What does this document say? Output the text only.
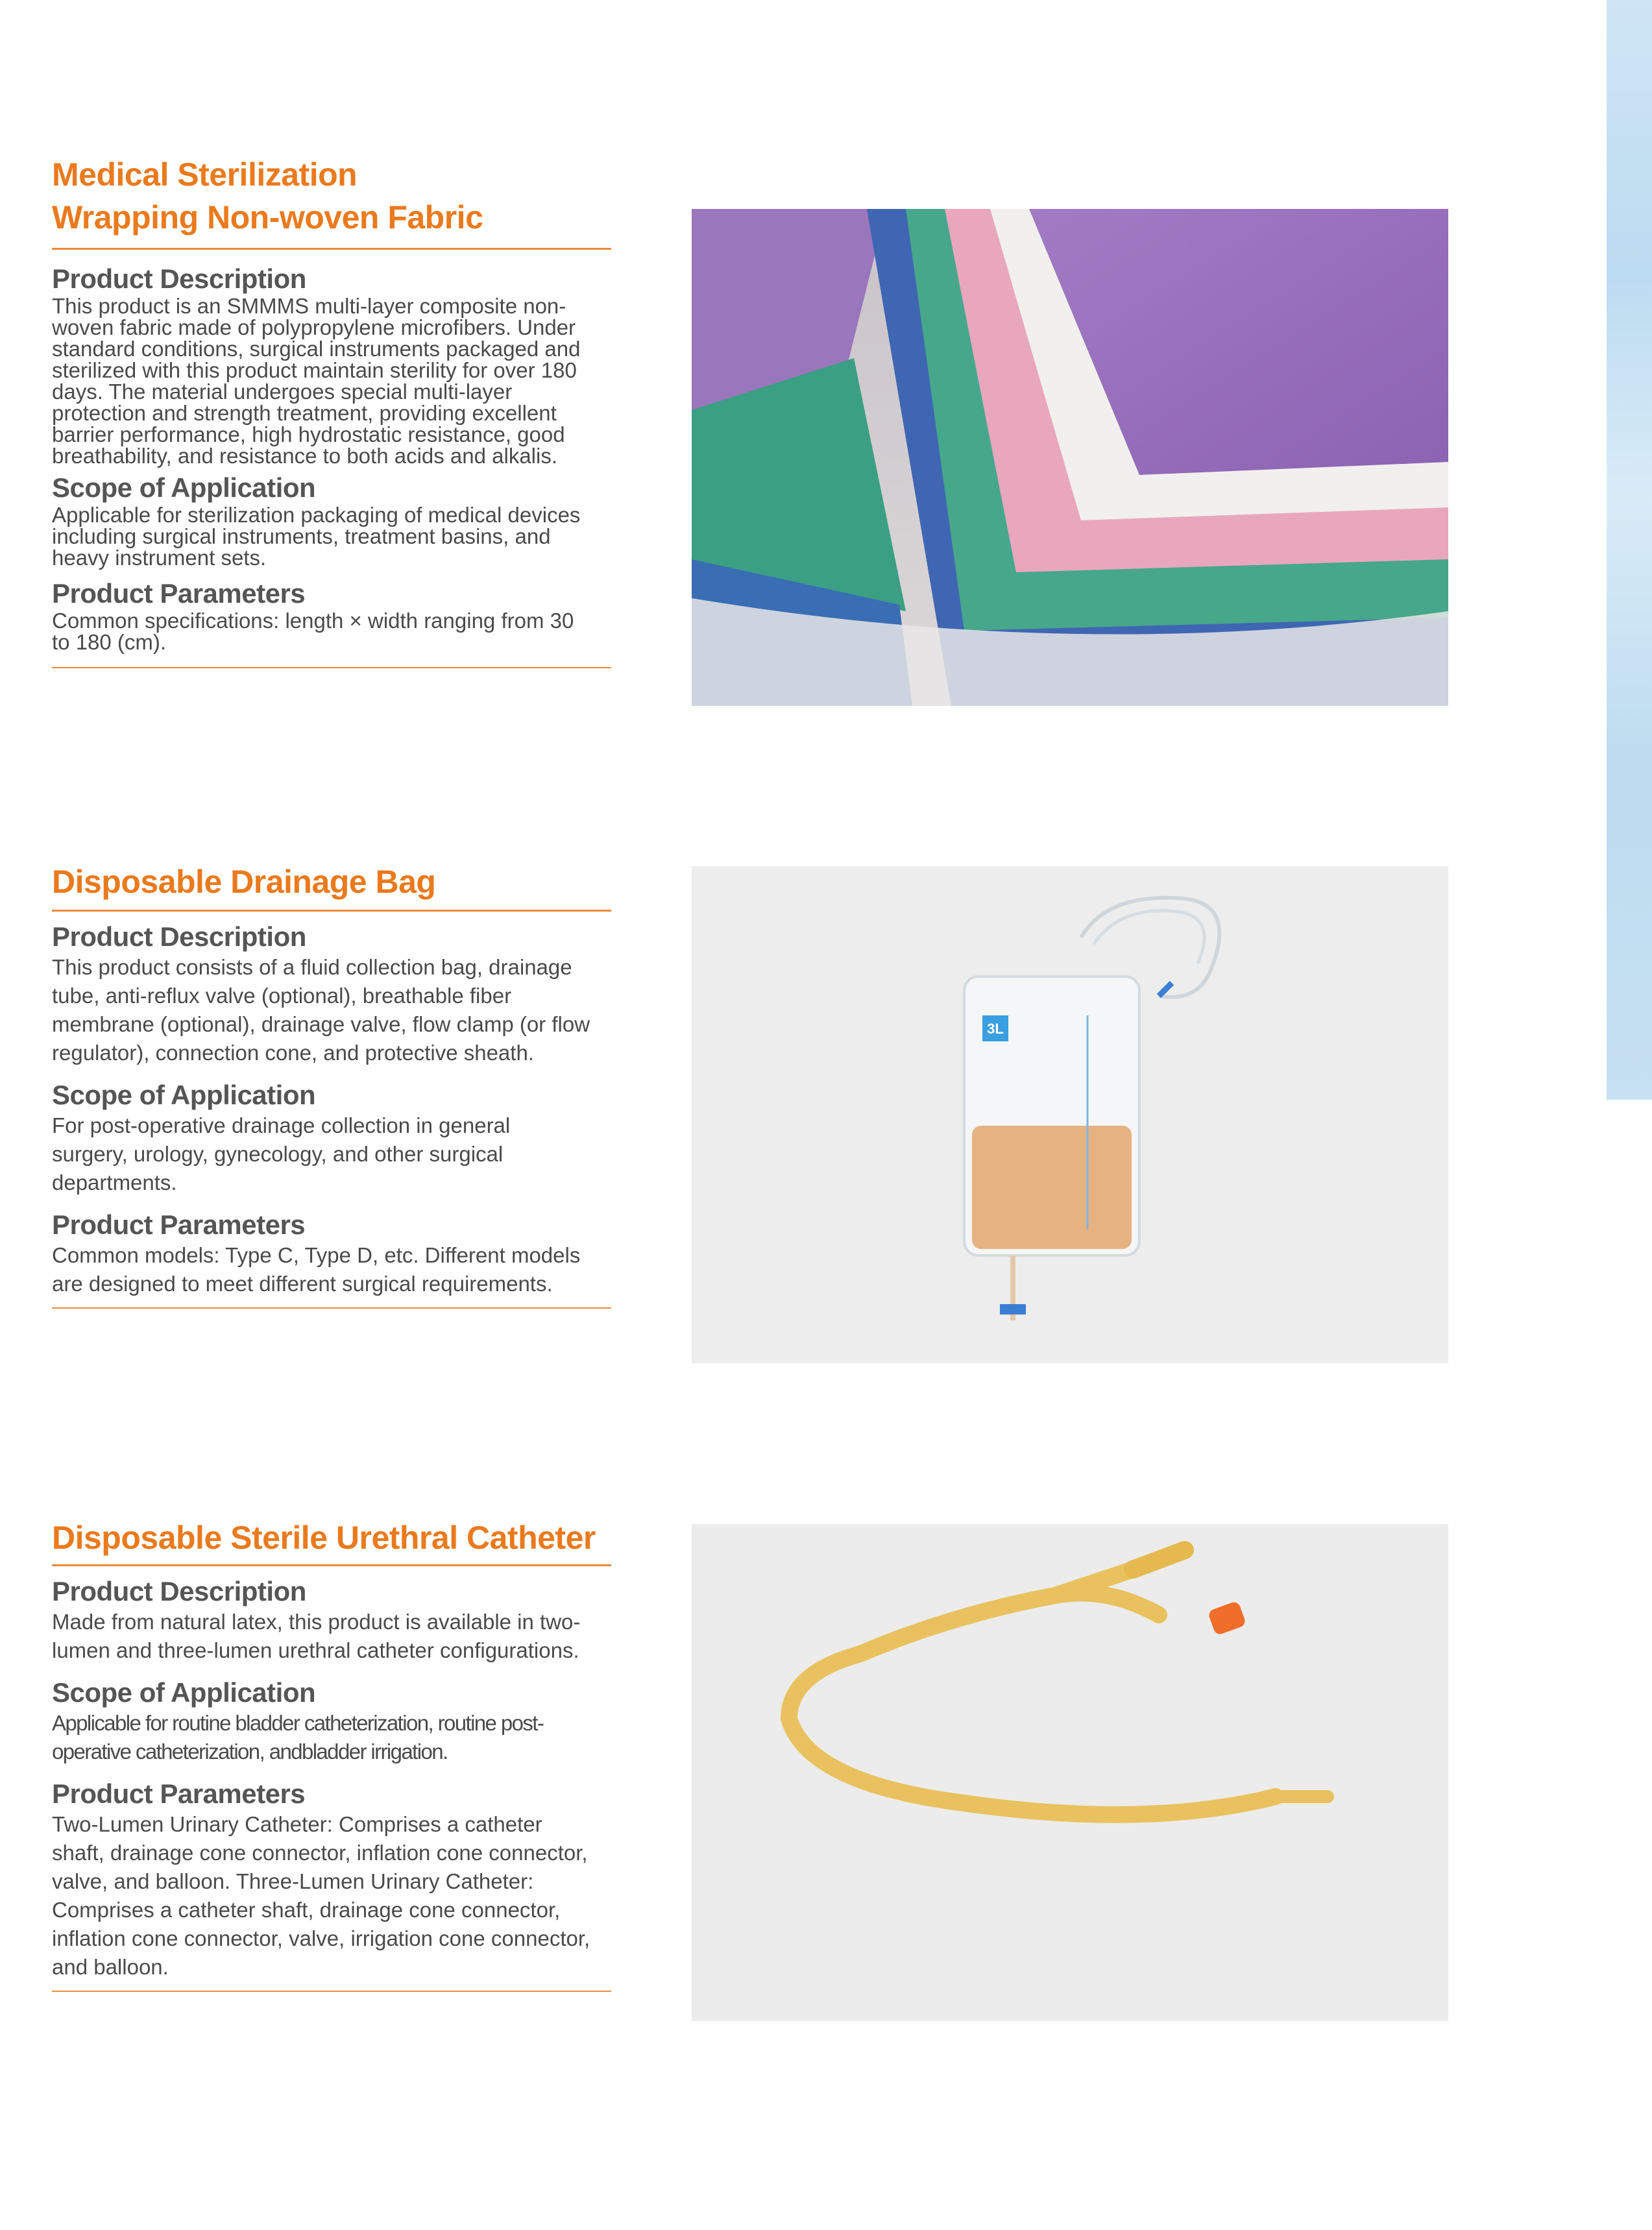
Medical Sterilization
Wrapping Non-woven Fabric
Product Description

This product is an SMMMS multi-layer composite non-woven fabric made of polypropylene microfibers. Under standard conditions, surgical instruments packaged and sterilized with this product maintain sterility for over 180 days. The material undergoes special multi-layer protection and strength treatment, providing excellent barrier performance, high hydrostatic resistance, good breathability, and resistance to both acids and alkalis.

Scope of Application

Applicable for sterilization packaging of medical devices including surgical instruments, treatment basins, and heavy instrument sets.

Product Parameters

Common specifications: length × width ranging from 30 to 180 (cm).

Disposable Drainage Bag
Product Description

This product consists of a fluid collection bag, drainage tube, anti-reflux valve (optional), breathable fiber membrane (optional), drainage valve, flow clamp (or flow regulator), connection cone, and protective sheath.

Scope of Application

For post-operative drainage collection in general surgery, urology, gynecology, and other surgical departments.

Product Parameters

Common models: Type C, Type D, etc. Different models are designed to meet different surgical requirements.

3L
Disposable Sterile Urethral Catheter
Product Description

Made from natural latex, this product is available in two-lumen and three-lumen urethral catheter configurations.

Scope of Application

Applicable for routine bladder catheterization, routine post-operative catheterization, andbladder irrigation.

Product Parameters

Two-Lumen Urinary Catheter: Comprises a catheter shaft, drainage cone connector, inflation cone connector, valve, and balloon. Three-Lumen Urinary Catheter: Comprises a catheter shaft, drainage cone connector, inflation cone connector, valve, irrigation cone connector, and balloon.
